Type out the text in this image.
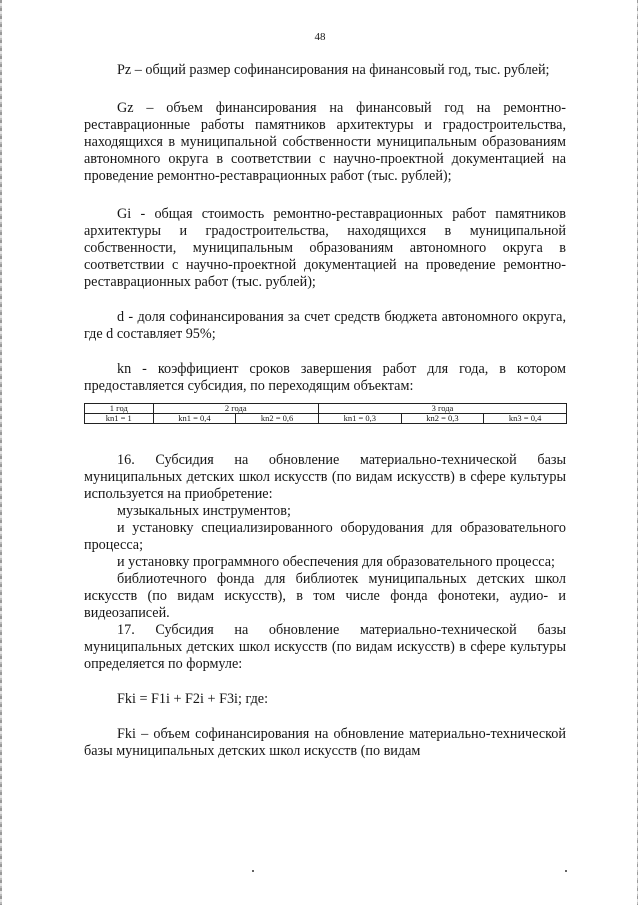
48

Pz – общий размер софинансирования на финансовый год, тыс. рублей;

Gz – объем финансирования на финансовый год на ремонтно-реставрационные работы памятников архитектуры и градостроительства, находящихся в муниципальной собственности муниципальным образованиям автономного округа в соответствии с научно-проектной документацией на проведение ремонтно-реставрационных работ (тыс. рублей);

Gi - общая стоимость ремонтно-реставрационных работ памятников архитектуры и градостроительства, находящихся в муниципальной собственности, муниципальным образованиям автономного округа в соответствии с научно-проектной документацией на проведение ремонтно-реставрационных работ (тыс. рублей);

d - доля софинансирования за счет средств бюджета автономного округа, где d составляет 95%;

kn - коэффициент сроков завершения работ для года, в котором предоставляется субсидия, по переходящим объектам:

1 год	2 года		3 года		
kn1 = 1	kn1 = 0,4	kn2 = 0,6	kn1 = 0,3	kn2 = 0,3	kn3 = 0,4

16. Субсидия на обновление материально-технической базы муниципальных детских школ искусств (по видам искусств) в сфере культуры используется на приобретение:

музыкальных инструментов;

и установку специализированного оборудования для образовательного процесса;

и установку программного обеспечения для образовательного процесса;

библиотечного фонда для библиотек муниципальных детских школ искусств (по видам искусств), в том числе фонда фонотеки, аудио- и видеозаписей.

17. Субсидия на обновление материально-технической базы муниципальных детских школ искусств (по видам искусств) в сфере культуры определяется по формуле:

Fki = F1i + F2i + F3i; где:

Fki – объем софинансирования на обновление материально-технической базы муниципальных детских школ искусств (по видам
